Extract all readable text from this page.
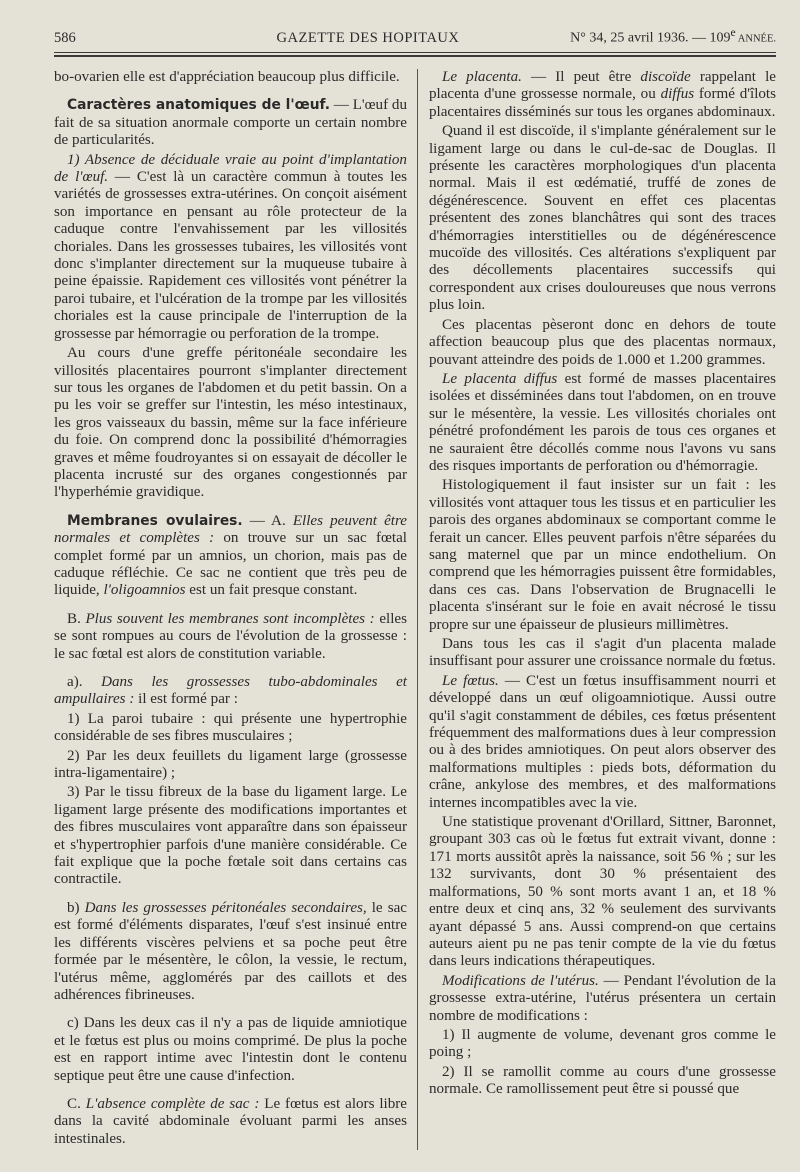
586	GAZETTE DES HOPITAUX	N° 34, 25 avril 1936. — 109e ANNÉE.

bo-ovarien elle est d'appréciation beaucoup plus difficile.

Caractères anatomiques de l'œuf. — L'œuf du fait de sa situation anormale comporte un certain nombre de particularités.

1) Absence de déciduale vraie au point d'implantation de l'œuf. — C'est là un caractère commun à toutes les variétés de grossesses extra-utérines. On conçoit aisément son importance en pensant au rôle protecteur de la caduque contre l'envahissement par les villosités choriales. Dans les grossesses tubaires, les villosités vont donc s'implanter directement sur la muqueuse tubaire à peine épaissie. Rapidement ces villosités vont pénétrer la paroi tubaire, et l'ulcération de la trompe par les villosités choriales est la cause principale de l'interruption de la grossesse par hémorragie ou perforation de la trompe.

Au cours d'une greffe péritonéale secondaire les villosités placentaires pourront s'implanter directement sur tous les organes de l'abdomen et du petit bassin. On a pu les voir se greffer sur l'intestin, les méso intestinaux, les gros vaisseaux du bassin, même sur la face inférieure du foie. On comprend donc la possibilité d'hémorragies graves et même foudroyantes si on essayait de décoller le placenta incrusté sur des organes congestionnés par l'hyperhémie gravidique.

Membranes ovulaires. — A. Elles peuvent être normales et complètes : on trouve sur un sac fœtal complet formé par un amnios, un chorion, mais pas de caduque réfléchie. Ce sac ne contient que très peu de liquide, l'oligoamnios est un fait presque constant.

B. Plus souvent les membranes sont incomplètes : elles se sont rompues au cours de l'évolution de la grossesse : le sac fœtal est alors de constitution variable.

a). Dans les grossesses tubo-abdominales et ampullaires : il est formé par :

1) La paroi tubaire : qui présente une hypertrophie considérable de ses fibres musculaires ;

2) Par les deux feuillets du ligament large (grossesse intra-ligamentaire) ;

3) Par le tissu fibreux de la base du ligament large. Le ligament large présente des modifications importantes et des fibres musculaires vont apparaître dans son épaisseur et s'hypertrophier parfois d'une manière considérable. Ce fait explique que la poche fœtale soit dans certains cas contractile.

b) Dans les grossesses péritonéales secondaires, le sac est formé d'éléments disparates, l'œuf s'est insinué entre les différents viscères pelviens et sa poche peut être formée par le mésentère, le côlon, la vessie, le rectum, l'utérus même, agglomérés par des caillots et des adhérences fibrineuses.

c) Dans les deux cas il n'y a pas de liquide amniotique et le fœtus est plus ou moins comprimé. De plus la poche est en rapport intime avec l'intestin dont le contenu septique peut être une cause d'infection.

C. L'absence complète de sac : Le fœtus est alors libre dans la cavité abdominale évoluant parmi les anses intestinales.

Le placenta. — Il peut être discoïde rappelant le placenta d'une grossesse normale, ou diffus formé d'îlots placentaires disséminés sur tous les organes abdominaux.

Quand il est discoïde, il s'implante généralement sur le ligament large ou dans le cul-de-sac de Douglas. Il présente les caractères morphologiques d'un placenta normal. Mais il est œdématié, truffé de zones de dégénérescence. Souvent en effet ces placentas présentent des zones blanchâtres qui sont des traces d'hémorragies interstitielles ou de dégénérescence mucoïde des villosités. Ces altérations s'expliquent par des décollements placentaires successifs qui correspondent aux crises douloureuses que nous verrons plus loin.

Ces placentas pèseront donc en dehors de toute affection beaucoup plus que des placentas normaux, pouvant atteindre des poids de 1.000 et 1.200 grammes.

Le placenta diffus est formé de masses placentaires isolées et disséminées dans tout l'abdomen, on en trouve sur le mésentère, la vessie. Les villosités choriales ont pénétré profondément les parois de tous ces organes et ne sauraient être décollés comme nous l'avons vu sans des risques importants de perforation ou d'hémorragie.

Histologiquement il faut insister sur un fait : les villosités vont attaquer tous les tissus et en particulier les parois des organes abdominaux se comportant comme le ferait un cancer. Elles peuvent parfois n'être séparées du sang maternel que par un mince endothelium. On comprend que les hémorragies puissent être formidables, dans ces cas. Dans l'observation de Brugnacelli le placenta s'insérant sur le foie en avait nécrosé le tissu propre sur une épaisseur de plusieurs millimètres.

Dans tous les cas il s'agit d'un placenta malade insuffisant pour assurer une croissance normale du fœtus.

Le fœtus. — C'est un fœtus insuffisamment nourri et développé dans un œuf oligoamniotique. Aussi outre qu'il s'agit constamment de débiles, ces fœtus présentent fréquemment des malformations dues à leur compression ou à des brides amniotiques. On peut alors observer des malformations multiples : pieds bots, déformation du crâne, ankylose des membres, et des malformations internes incompatibles avec la vie.

Une statistique provenant d'Orillard, Sittner, Baronnet, groupant 303 cas où le fœtus fut extrait vivant, donne : 171 morts aussitôt après la naissance, soit 56 % ; sur les 132 survivants, dont 30 % présentaient des malformations, 50 % sont morts avant 1 an, et 18 % entre deux et cinq ans, 32 % seulement des survivants ayant dépassé 5 ans. Aussi comprend-on que certains auteurs aient pu ne pas tenir compte de la vie du fœtus dans leurs indications thérapeutiques.

Modifications de l'utérus. — Pendant l'évolution de la grossesse extra-utérine, l'utérus présentera un certain nombre de modifications :

1) Il augmente de volume, devenant gros comme le poing ;

2) Il se ramollit comme au cours d'une grossesse normale. Ce ramollissement peut être si poussé que
